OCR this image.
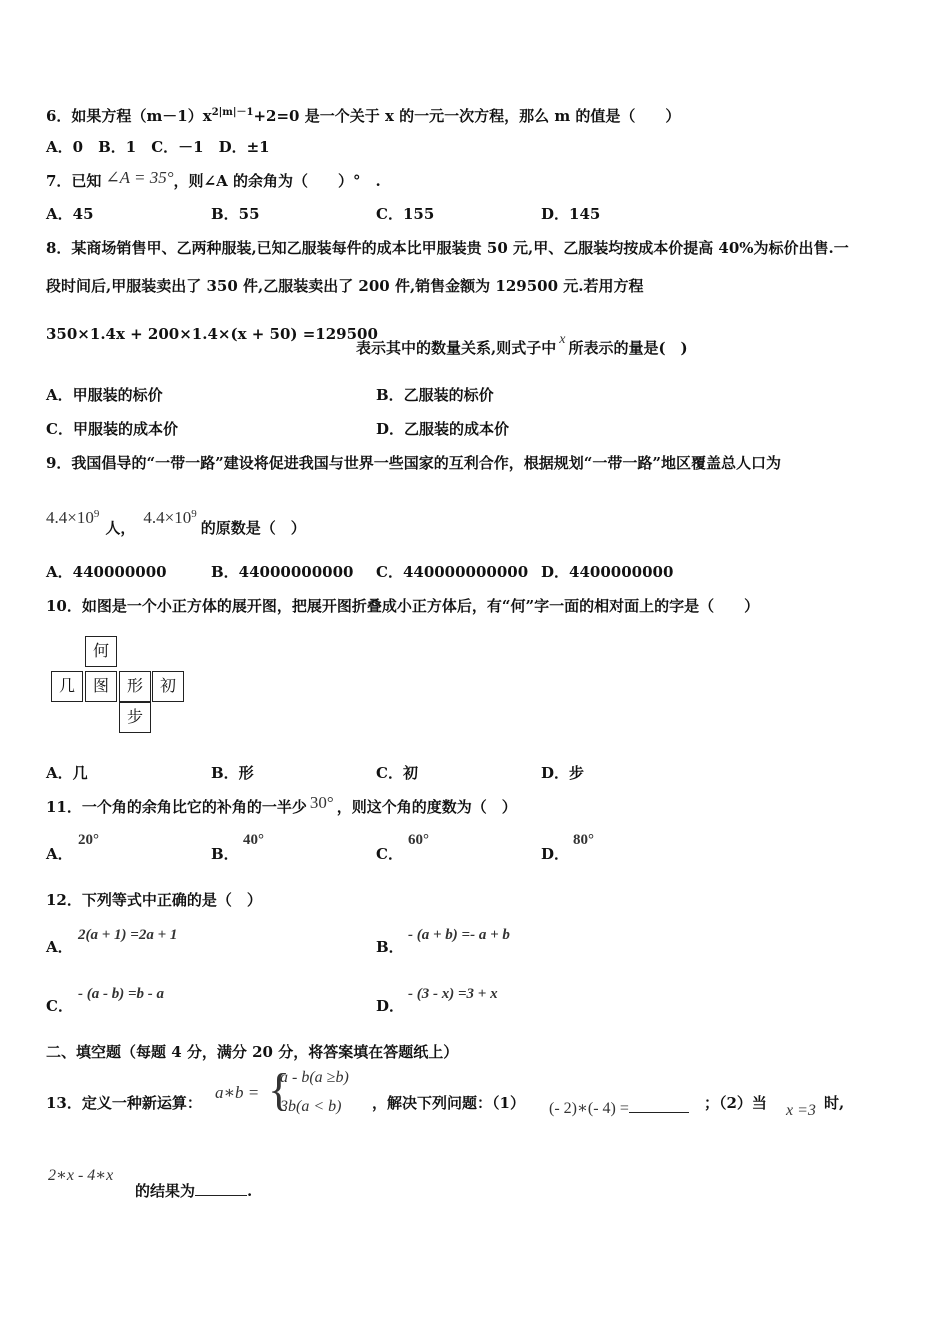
6．如果方程$(m-1)x^{2|m|-1}+2=0$ 是一个关于 x 的一元一次方程，那么 m 的值是（　　）
A．0　B．1　C．－1　D．±1
7．已知 ∠A = 35°，则∠A 的余角为（　　）°　.
A．45	B．55	C．155	D．145
8．某商场销售甲、乙两种服装,已知乙服装每件的成本比甲服装贵 50 元,甲、乙服装均按成本价提高 40%为标价出售.一
段时间后,甲服装卖出了 350 件,乙服装卖出了 200 件,销售金额为 129500 元.若用方程
350×1.4x + 200×1.4×(x + 50) =129500
表示其中的数量关系,则式子中 x 所表示的量是(　)
A．甲服装的标价	B．乙服装的标价
C．甲服装的成本价	D．乙服装的成本价
9．我国倡导的“一带一路”建设将促进我国与世界一些国家的互利合作，根据规划“一带一路”地区覆盖总人口为
$4.4\times 10^9$人，$4.4\times 10^9$的原数是（　）
A．440000000	B．44000000000 C．440000000000 D．4400000000
10．如图是一个小正方体的展开图，把展开图折叠成小正方体后，有“何”字一面的相对面上的字是（　　）
何
几	图	形	初
步
A．几	B．形	C．初	D．步
11．一个角的余角比它的补角的一半少 30° ，则这个角的度数为（　）
A．
20°
B．
40°
C．
60°
D．
80°
12．下列等式中正确的是（　）
A．
2(a + 1) =2a + 1
B．
- (a + b) =- a + b
C．
- (a - b) =b - a
D．
- (3 - x) =3 + x
二、填空题（每题 4 分，满分 20 分，将答案填在答题纸上）
13．定义一种新运算：
a∗b = {
a - b(a ≥b)
3b(a < b) ，解决下列问题：（1） (- 2)∗(- 4) =	；（2）当 x =3 时,
2∗x - 4∗x
的结果为	.
